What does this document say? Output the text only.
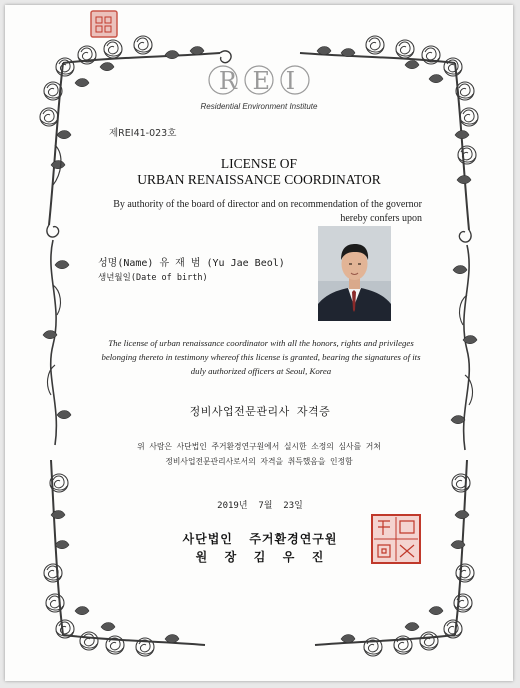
R E I
Residential Environment Institute
제REI41-023호
LICENSE OF
URBAN RENAISSANCE COORDINATOR
By authority of the board of director and on recommendation of the governor hereby confers upon
성명(Name) 유 재 범 (Yu Jae Beol)
생년월일(Date of birth)
The license of urban renaissance coordinator with all the honors, rights and privileges belonging thereto in testimony whereof this license is granted, bearing the signatures of its duly authorized officers at Seoul, Korea
정비사업전문관리사 자격증
위 사람은 사단법인 주거환경연구원에서 실시한 소정의 심사를 거쳐
정비사업전문관리사로서의 자격을 취득했음을 인정함
2019년  7월  23일
사단법인  주거환경연구원
원  장  김  우  진
